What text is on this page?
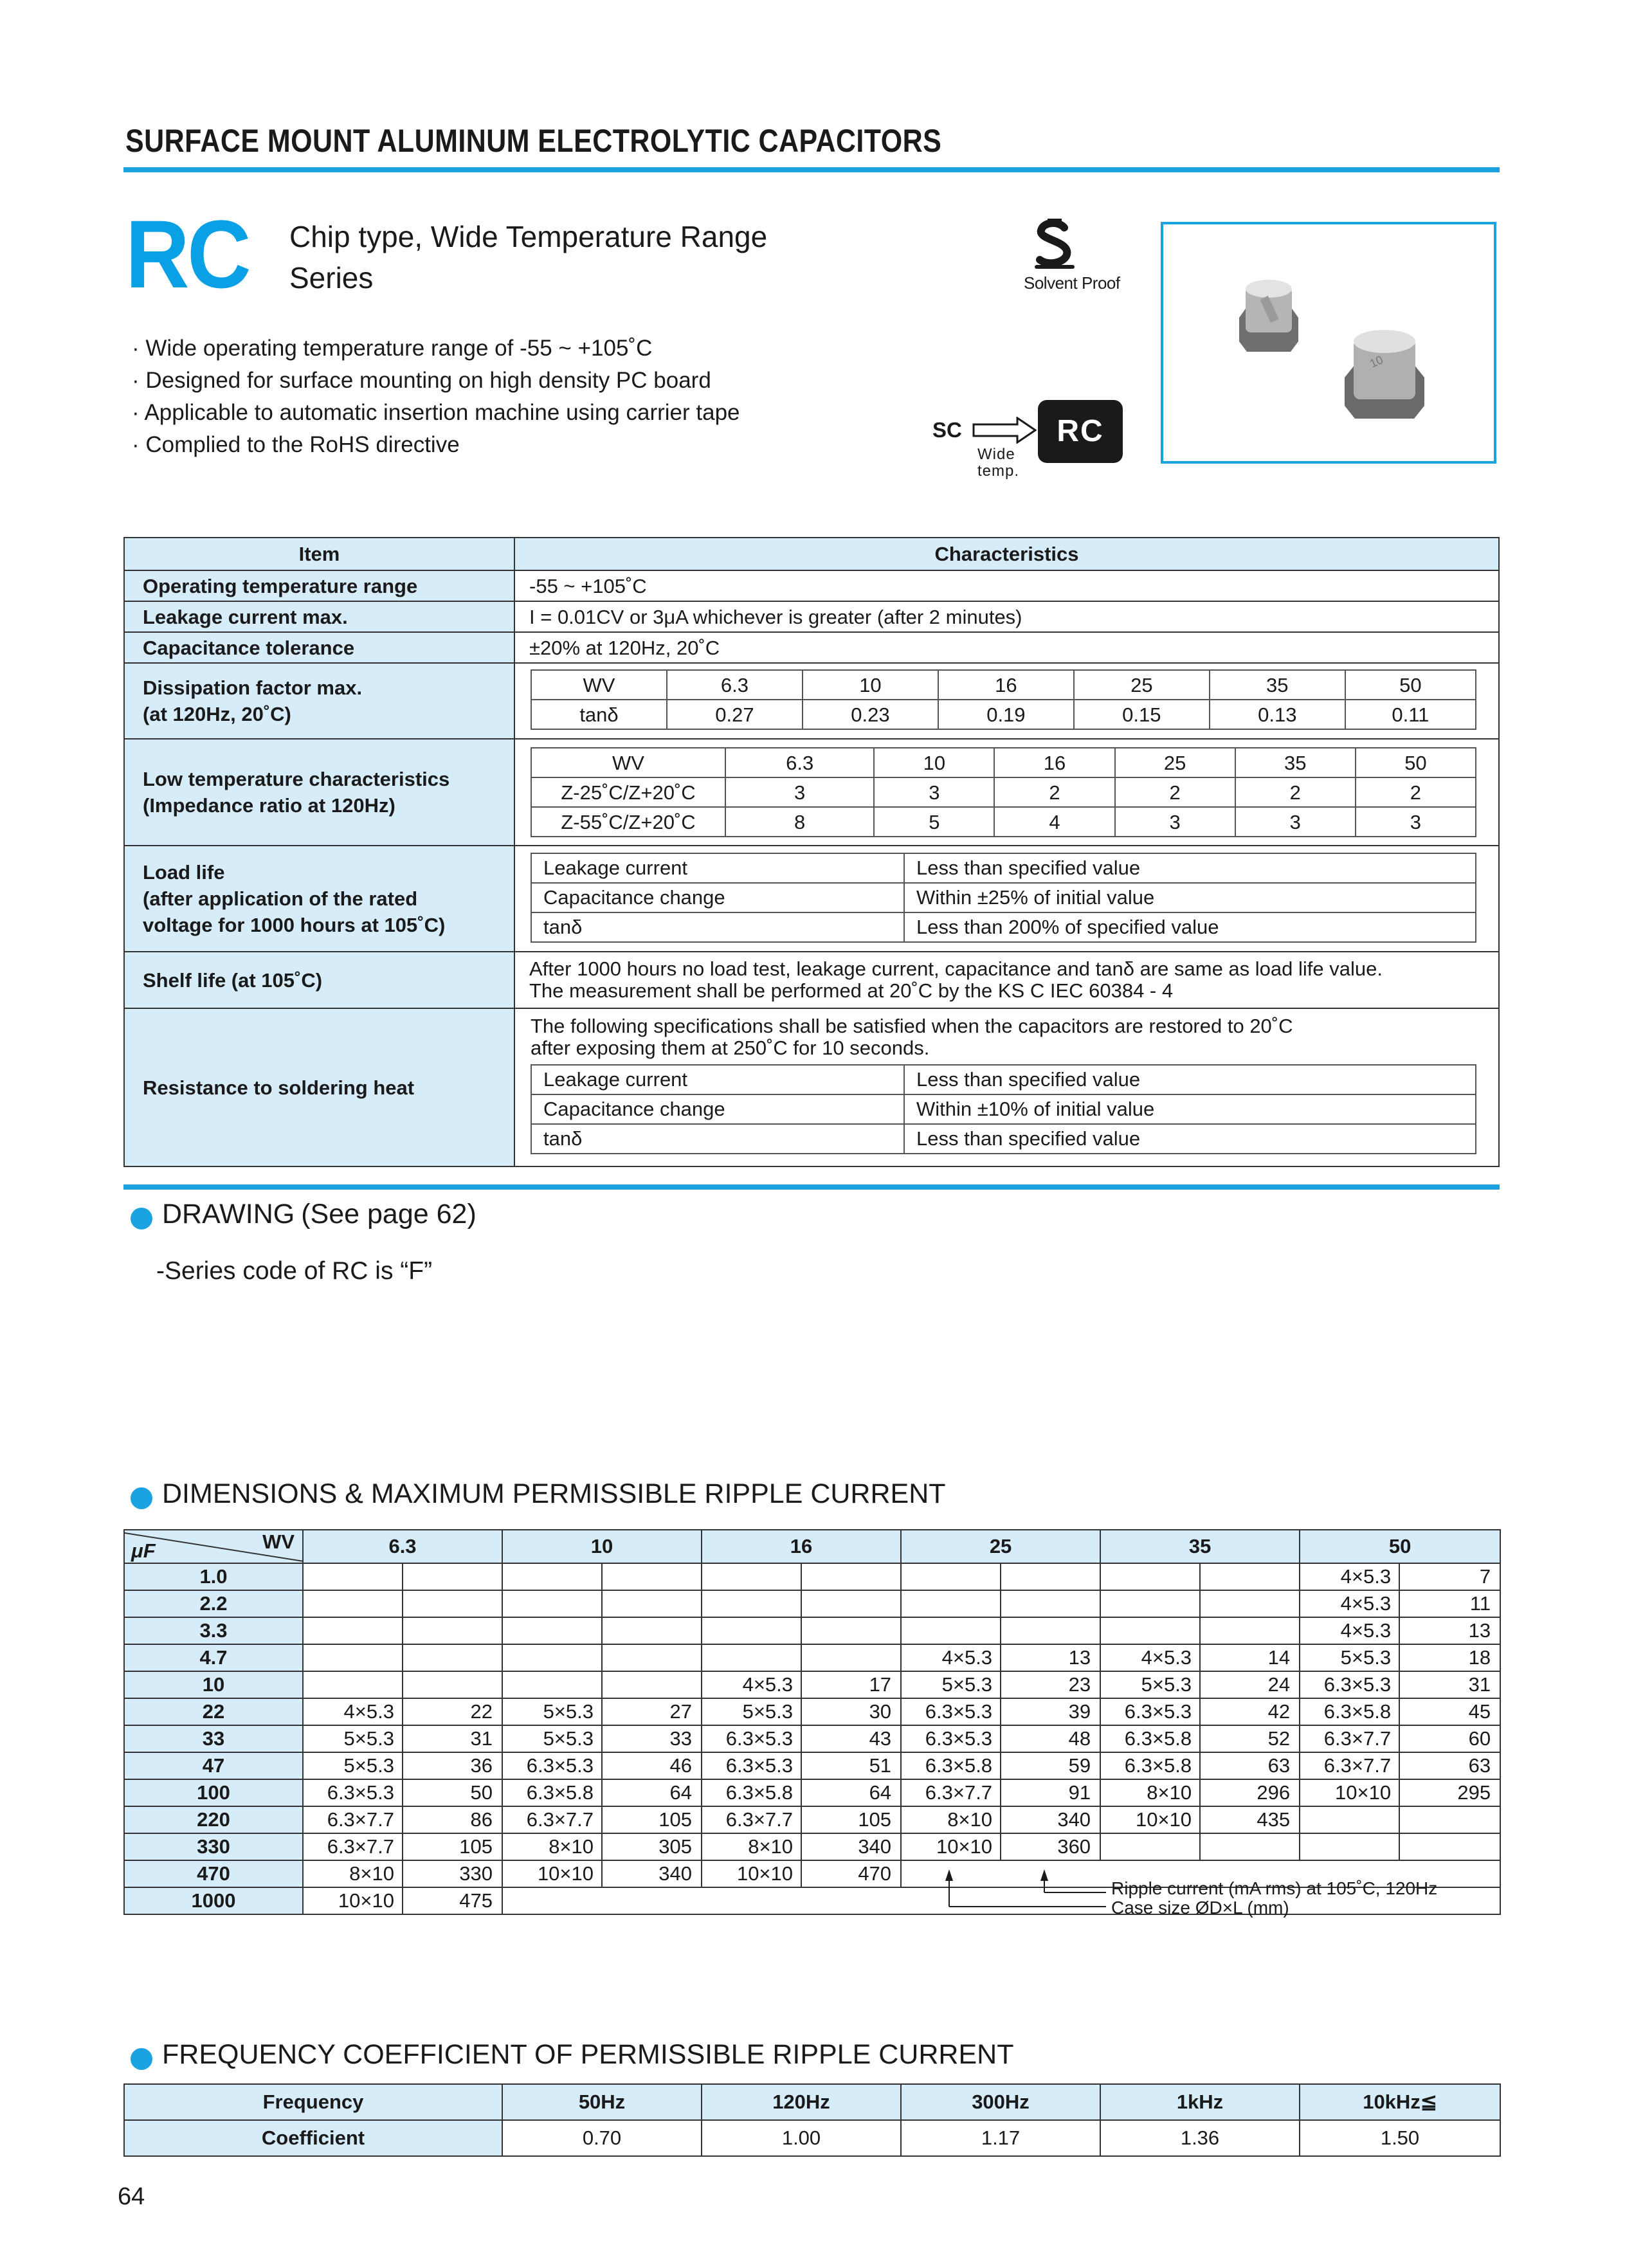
SURFACE MOUNT ALUMINUM ELECTROLYTIC CAPACITORS
RC Chip type, Wide Temperature Range
Series
· Wide operating temperature range of -55 ~ +105˚C
· Designed for surface mounting on high density PC board
· Applicable to automatic insertion machine using carrier tape
· Complied to the RoHS directive
Solvent Proof
SC	RC
Wide
temp.
10
Item	Characteristics
Operating temperature range	-55 ~ +105˚C
Leakage current max.	I = 0.01CV or 3μA whichever is greater (after 2 minutes)
Capacitance tolerance	±20% at 120Hz, 20˚C

Dissipation factor max.
(at 120Hz, 20˚C)

WV	6.3	10	16	25	35	50
tanδ	0.27	0.23	0.19	0.15	0.13	0.11

Low temperature characteristics
(Impedance ratio at 120Hz)

WV	6.3	10	16	25	35	50
Z-25˚C/Z+20˚C	3	3	2	2	2	2
Z-55˚C/Z+20˚C	8	5	4	3	3	3

Load life
(after application of the rated
voltage for 1000 hours at 105˚C)

Leakage current	Less than specified value
Capacitance change	Within ±25% of initial value
tanδ	Less than 200% of specified value

Shelf life (at 105˚C)	After 1000 hours no load test, leakage current, capacitance and tanδ are same as load life value.
The measurement shall be performed at 20˚C by the KS C IEC 60384 - 4

Resistance to soldering heat	
The following specifications shall be satisfied when the capacitors are restored to 20˚C
after exposing them at 250˚C for 10 seconds.
Leakage current	Less than specified value
Capacitance change	Within ±10% of initial value
tanδ	Less than specified value
DRAWING (See page 62)
-Series code of RC is “F”
DIMENSIONS & MAXIMUM PERMISSIBLE RIPPLE CURRENT
μF WV	6.3		10		16		25		35		50	
1.0											4×5.3	7
2.2											4×5.3	11
3.3											4×5.3	13
4.7							4×5.3	13	4×5.3	14	5×5.3	18
10					4×5.3	17	5×5.3	23	5×5.3	24	6.3×5.3	31
22	4×5.3	22	5×5.3	27	5×5.3	30	6.3×5.3	39	6.3×5.3	42	6.3×5.8	45
33	5×5.3	31	5×5.3	33	6.3×5.3	43	6.3×5.3	48	6.3×5.8	52	6.3×7.7	60
47	5×5.3	36	6.3×5.3	46	6.3×5.3	51	6.3×5.8	59	6.3×5.8	63	6.3×7.7	63
100	6.3×5.3	50	6.3×5.8	64	6.3×5.8	64	6.3×7.7	91	8×10	296	10×10	295
220	6.3×7.7	86	6.3×7.7	105	6.3×7.7	105	8×10	340	10×10	435		
330	6.3×7.7	105	8×10	305	8×10	340	10×10	360				
470	8×10	330	10×10	340	10×10	470						
1000	10×10	475										
Ripple current (mA rms) at 105˚C, 120Hz
Case size ØD×L (mm)
FREQUENCY COEFFICIENT OF PERMISSIBLE RIPPLE CURRENT
Frequency	50Hz	120Hz	300Hz	1kHz	10kHz≦
Coefficient	0.70	1.00	1.17	1.36	1.50
64
